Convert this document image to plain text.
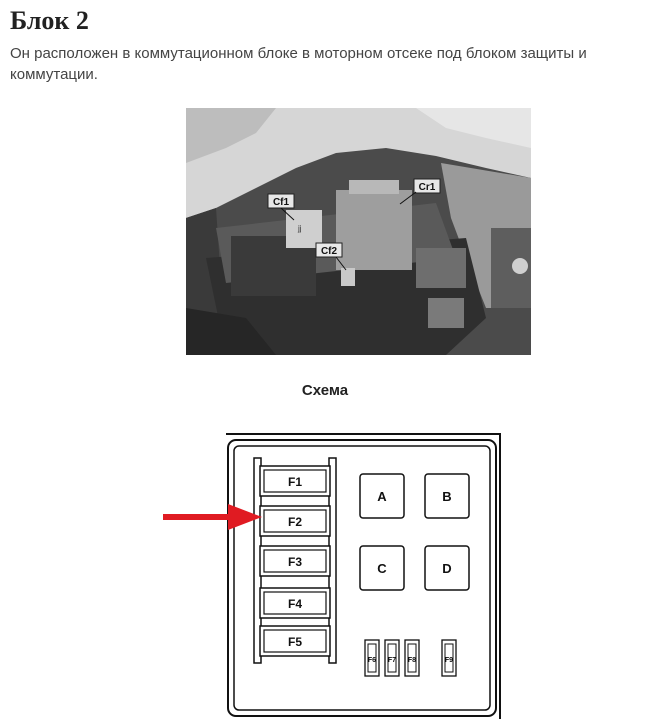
Блок 2

Он расположен в коммутационном блоке в моторном отсеке под блоком защиты и коммутации.

Cf1
jj
Cr1
Cf2
Схема
F1
F2
F3
F4
F5
A	B
C	D
F6 F7 F8	F9
